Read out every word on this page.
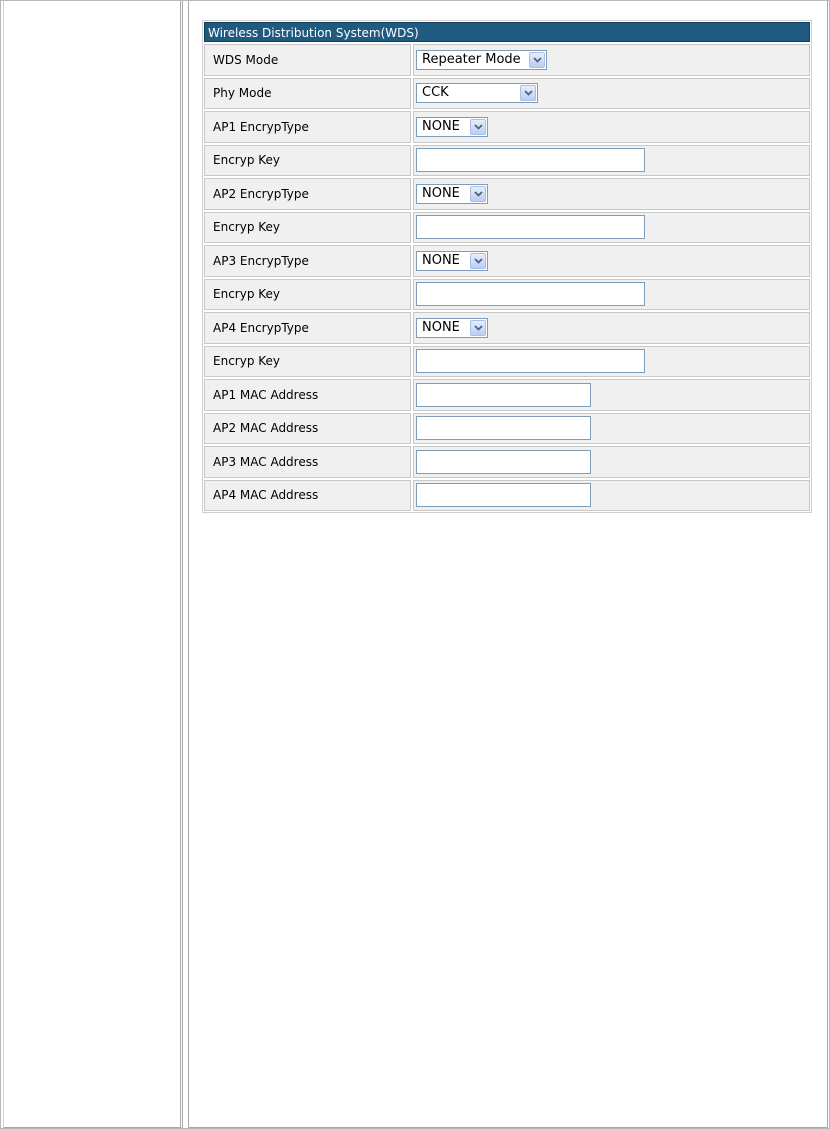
Wireless Distribution System(WDS)
WDS Mode	Repeater Mode
Phy Mode	CCK
AP1 EncrypType	NONE
Encryp Key
AP2 EncrypType	NONE
Encryp Key
AP3 EncrypType	NONE
Encryp Key
AP4 EncrypType	NONE
Encryp Key
AP1 MAC Address
AP2 MAC Address
AP3 MAC Address
AP4 MAC Address
